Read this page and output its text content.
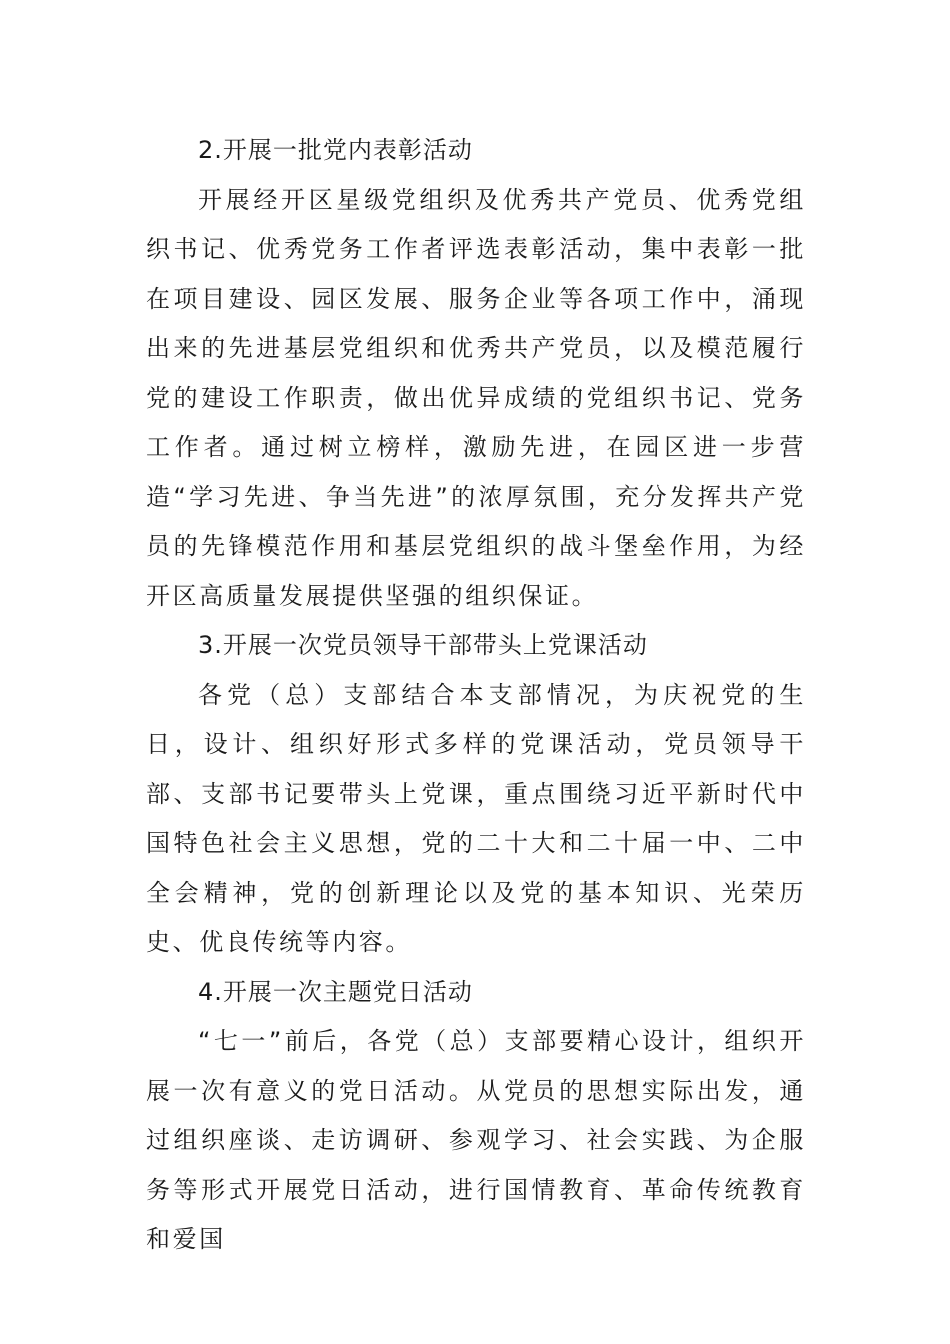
2.开展一批党内表彰活动

开展经开区星级党组织及优秀共产党员、优秀党组织书记、优秀党务工作者评选表彰活动，集中表彰一批在项目建设、园区发展、服务企业等各项工作中，涌现出来的先进基层党组织和优秀共产党员，以及模范履行党的建设工作职责，做出优异成绩的党组织书记、党务工作者。通过树立榜样，激励先进，在园区进一步营造“学习先进、争当先进”的浓厚氛围，充分发挥共产党员的先锋模范作用和基层党组织的战斗堡垒作用，为经开区高质量发展提供坚强的组织保证。

3.开展一次党员领导干部带头上党课活动

各党（总）支部结合本支部情况，为庆祝党的生日，设计、组织好形式多样的党课活动，党员领导干部、支部书记要带头上党课，重点围绕习近平新时代中国特色社会主义思想，党的二十大和二十届一中、二中全会精神，党的创新理论以及党的基本知识、光荣历史、优良传统等内容。

4.开展一次主题党日活动

“七一”前后，各党（总）支部要精心设计，组织开展一次有意义的党日活动。从党员的思想实际出发，通过组织座谈、走访调研、参观学习、社会实践、为企服务等形式开展党日活动，进行国情教育、革命传统教育和爱国
